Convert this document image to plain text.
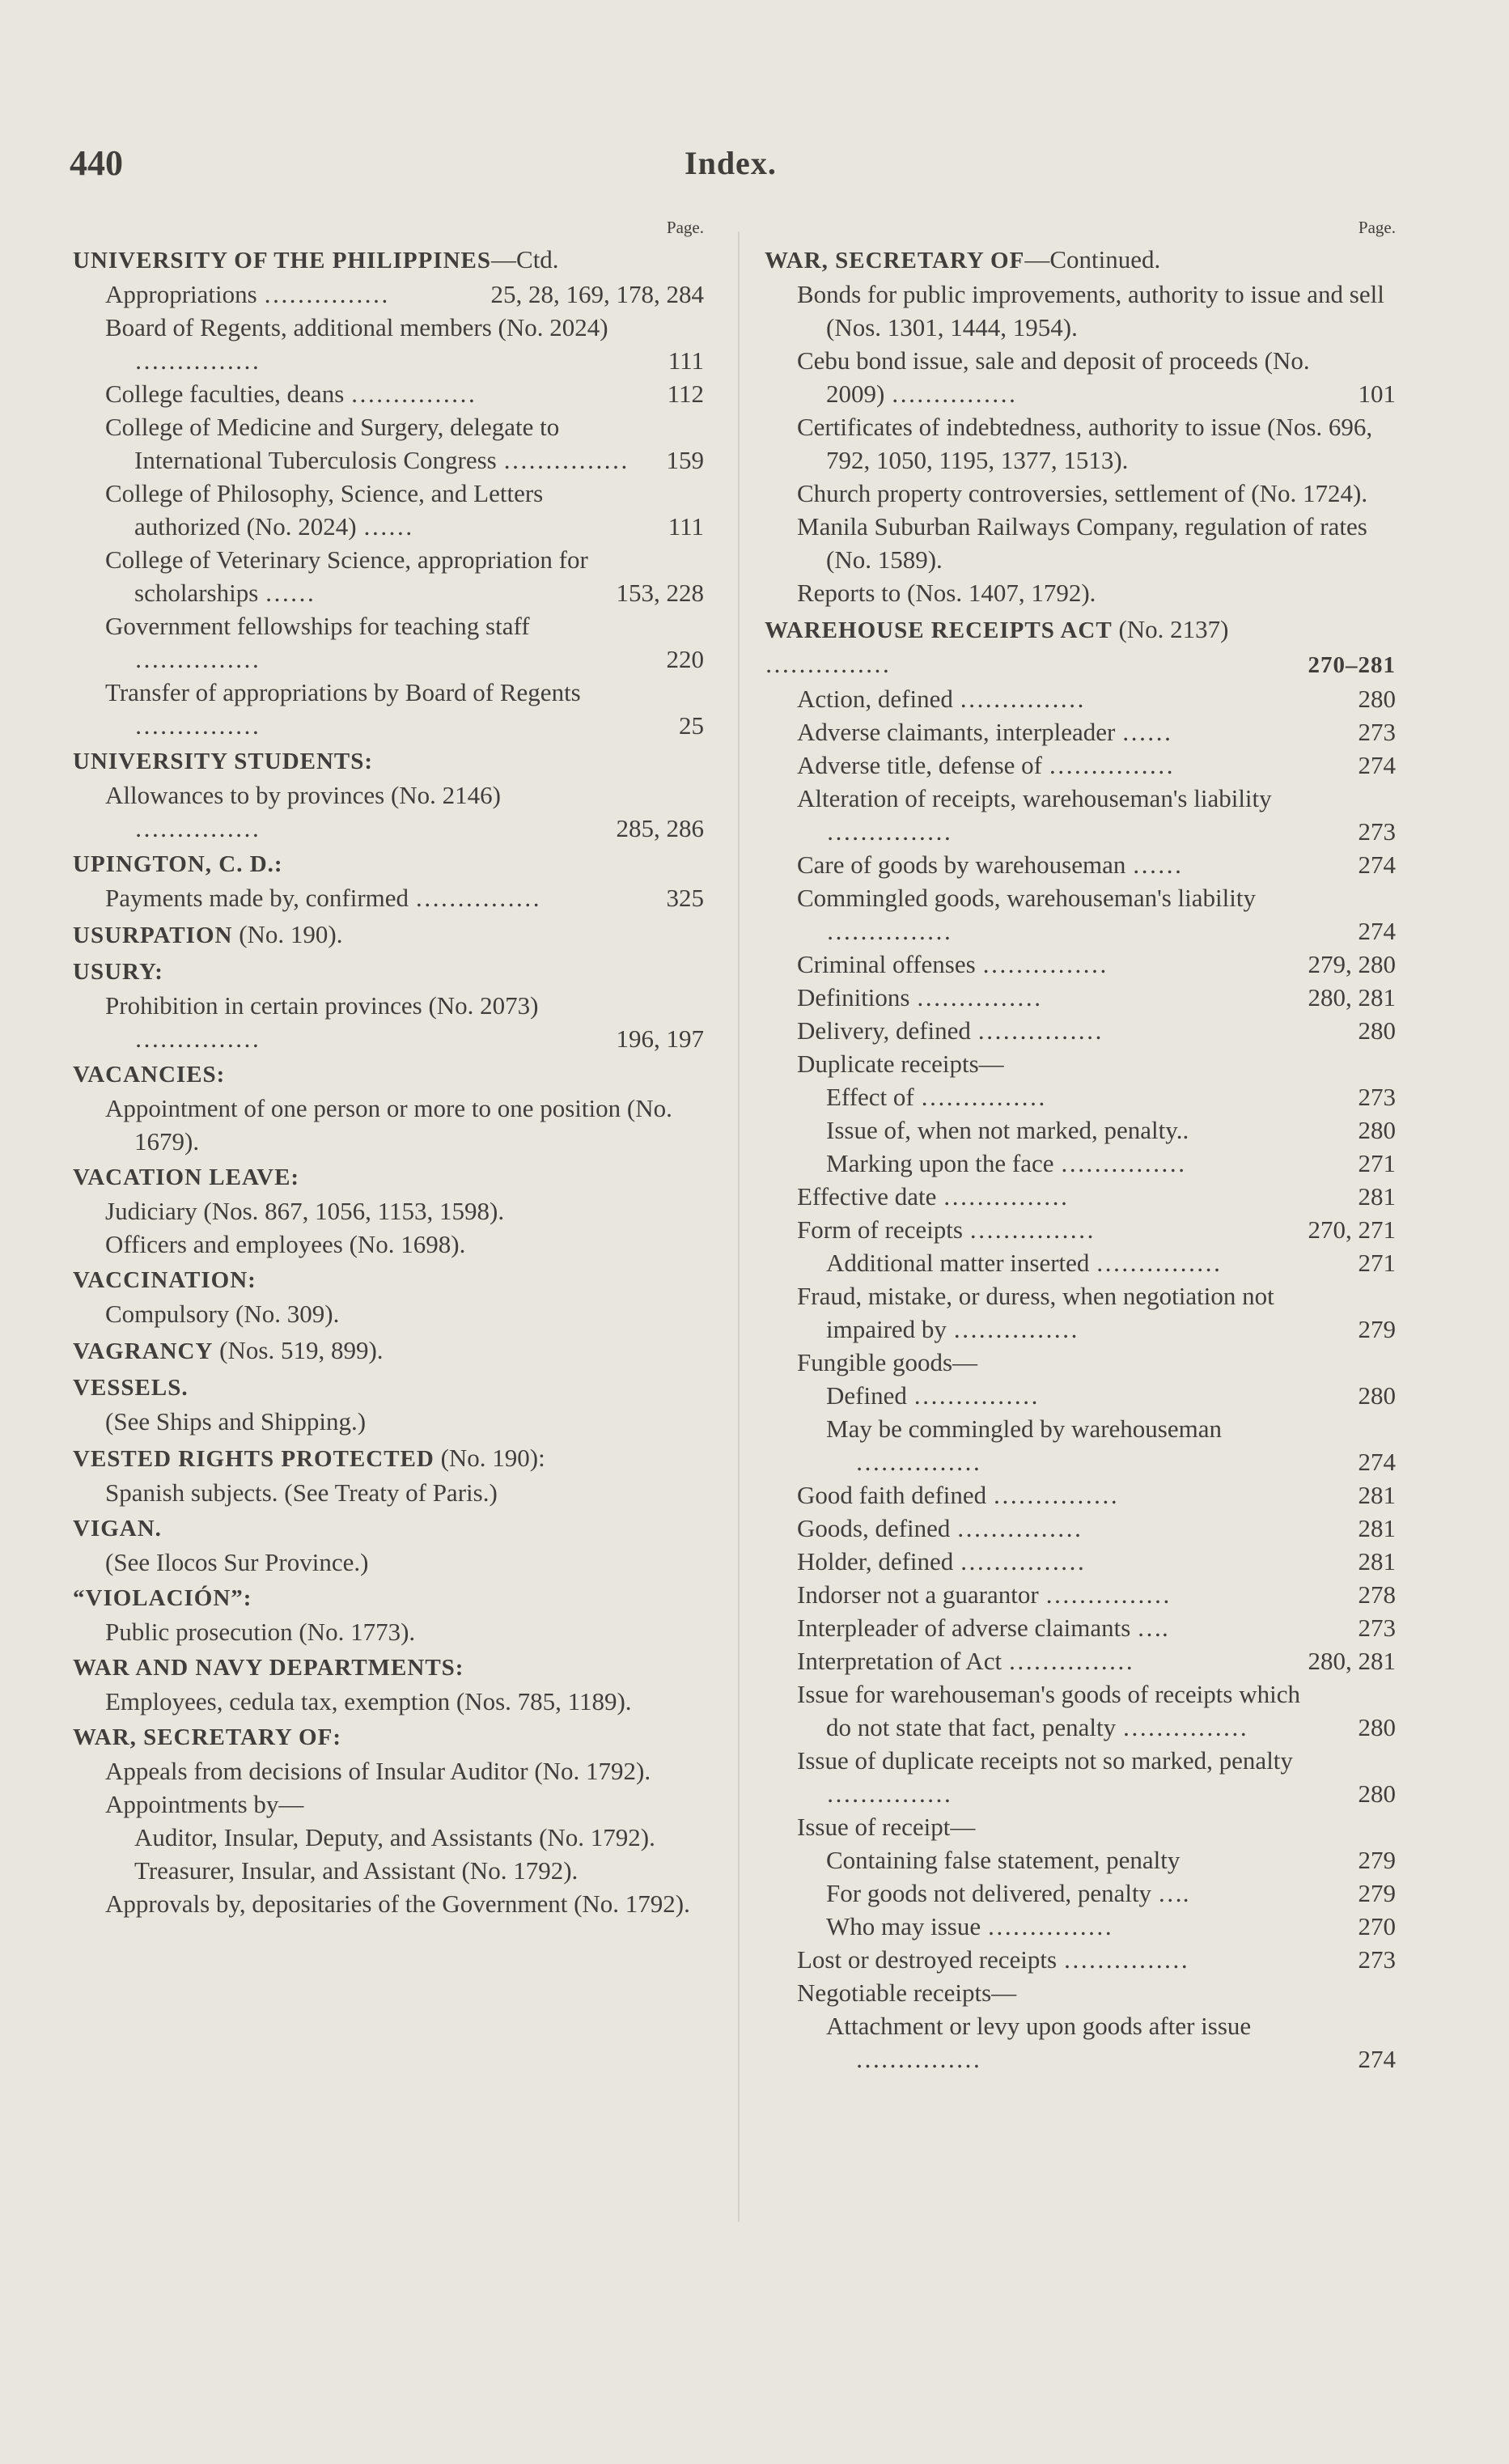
440	Index.
Page.
UNIVERSITY OF THE PHILIPPINES—Ctd.
Appropriations ……………	25, 28, 169, 178, 284
Board of Regents, additional members (No. 2024) ……………	111
College faculties, deans ……………	112
College of Medicine and Surgery, delegate to International Tuberculosis Congress …………… 159
College of Philosophy, Science, and Letters authorized (No. 2024) ……	111
College of Veterinary Science, appropriation for scholarships ……	153, 228
Government fellowships for teaching staff ……………	220
Transfer of appropriations by Board of Regents ……………	25
UNIVERSITY STUDENTS:
Allowances to by provinces (No. 2146) ……………	285, 286
UPINGTON, C. D.:
Payments made by, confirmed ……………	325
USURPATION (No. 190).
USURY:
Prohibition in certain provinces (No. 2073) ……………	196, 197
VACANCIES:
Appointment of one person or more to one position (No. 1679).
VACATION LEAVE:
Judiciary (Nos. 867, 1056, 1153, 1598).
Officers and employees (No. 1698).
VACCINATION:
Compulsory (No. 309).
VAGRANCY (Nos. 519, 899).
VESSELS.
(See Ships and Shipping.)
VESTED RIGHTS PROTECTED (No. 190):
Spanish subjects. (See Treaty of Paris.)
VIGAN.
(See Ilocos Sur Province.)
“VIOLACIÓN”:
Public prosecution (No. 1773).
WAR AND NAVY DEPARTMENTS:
Employees, cedula tax, exemption (Nos. 785, 1189).
WAR, SECRETARY OF:
Appeals from decisions of Insular Auditor (No. 1792).
Appointments by—
Auditor, Insular, Deputy, and Assistants (No. 1792).
Treasurer, Insular, and Assistant (No. 1792).
Approvals by, depositaries of the Government (No. 1792).
Page.
WAR, SECRETARY OF—Continued.
Bonds for public improvements, authority to issue and sell (Nos. 1301, 1444, 1954).
Cebu bond issue, sale and deposit of proceeds (No. 2009) ……………	101
Certificates of indebtedness, authority to issue (Nos. 696, 792, 1050, 1195, 1377, 1513).
Church property controversies, settlement of (No. 1724).
Manila Suburban Railways Company, regulation of rates (No. 1589).
Reports to (Nos. 1407, 1792).
WAREHOUSE RECEIPTS ACT (No. 2137) ……………	270–281
Action, defined ……………	280
Adverse claimants, interpleader ……	273
Adverse title, defense of ……………	274
Alteration of receipts, warehouseman's liability ……………	273
Care of goods by warehouseman ……	274
Commingled goods, warehouseman's liability ……………	274
Criminal offenses ……………	279, 280
Definitions ……………	280, 281
Delivery, defined ……………	280
Duplicate receipts—
Effect of ……………	273
Issue of, when not marked, penalty..	280
Marking upon the face ……………	271
Effective date ……………	281
Form of receipts ……………	270, 271
Additional matter inserted ……………	271
Fraud, mistake, or duress, when negotiation not impaired by ……………	279
Fungible goods—
Defined ……………	280
May be commingled by warehouseman ……………	274
Good faith defined ……………	281
Goods, defined ……………	281
Holder, defined ……………	281
Indorser not a guarantor ……………	278
Interpleader of adverse claimants ….	273
Interpretation of Act ……………	280, 281
Issue for warehouseman's goods of receipts which do not state that fact, penalty ……………	280
Issue of duplicate receipts not so marked, penalty ……………	280
Issue of receipt—
Containing false statement, penalty	279
For goods not delivered, penalty ….	279
Who may issue ……………	270
Lost or destroyed receipts ……………	273
Negotiable receipts—
Attachment or levy upon goods after issue ……………	274
